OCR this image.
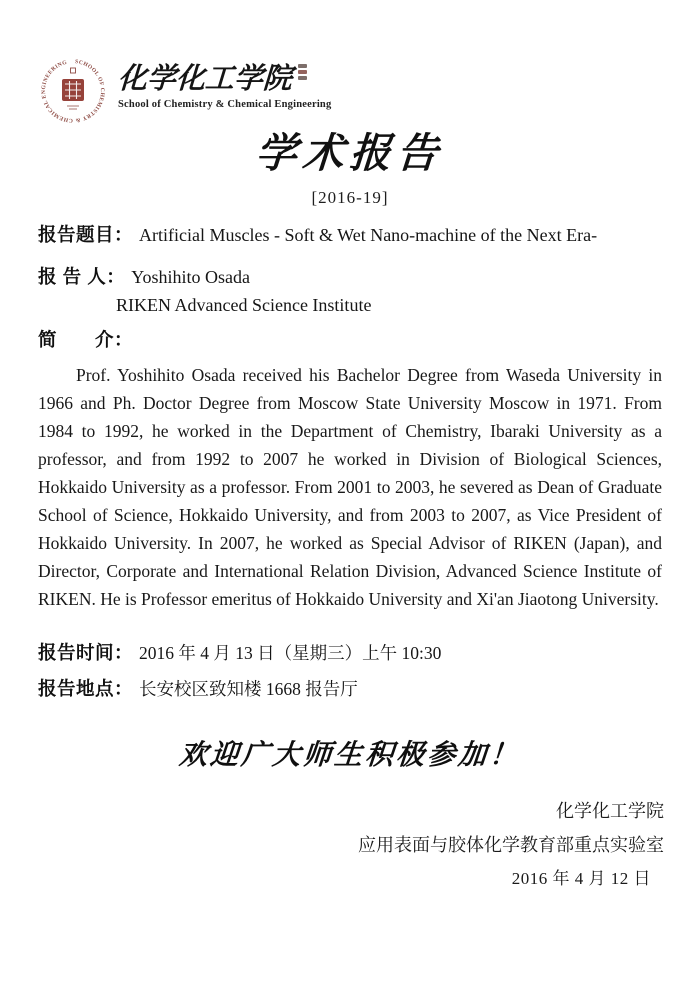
SCHOOL OF CHEMISTRY & CHEMICAL ENGINEERING	化学化工学院
School of Chemistry & Chemical Engineering
学术报告
[2016-19]
报告题目： Artificial Muscles - Soft & Wet Nano-machine of the Next Era-
报 告 人： Yoshihito Osada
RIKEN Advanced Science Institute
简　　介：

Prof. Yoshihito Osada received his Bachelor Degree from Waseda University in 1966 and Ph. Doctor Degree from Moscow State University Moscow in 1971. From 1984 to 1992, he worked in the Department of Chemistry, Ibaraki University as a professor, and from 1992 to 2007 he worked in Division of Biological Sciences, Hokkaido University as a professor. From 2001 to 2003, he severed as Dean of Graduate School of Science, Hokkaido University, and from 2003 to 2007, as Vice President of Hokkaido University. In 2007, he worked as Special Advisor of RIKEN (Japan), and Director, Corporate and International Relation Division, Advanced Science Institute of RIKEN. He is Professor emeritus of Hokkaido University and Xi'an Jiaotong University.

报告时间： 2016 年 4 月 13 日（星期三）上午 10:30
报告地点： 长安校区致知楼 1668 报告厅
欢迎广大师生积极参加！
化学化工学院
应用表面与胶体化学教育部重点实验室
2016 年 4 月 12 日
